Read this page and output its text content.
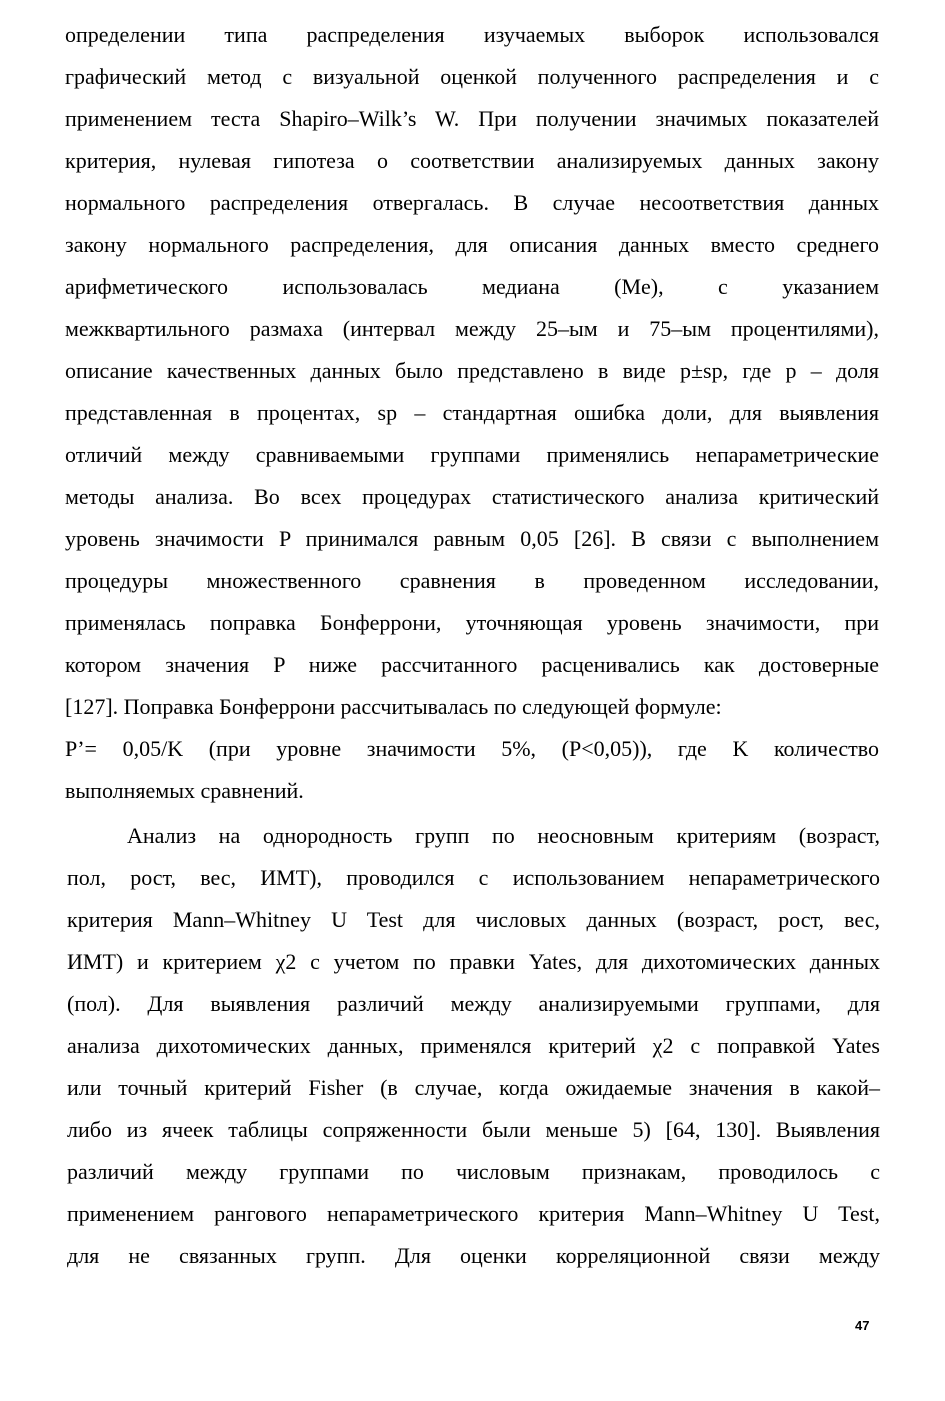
определении типа распределения изучаемых выборок использовался
графический метод с визуальной оценкой полученного распределения и с
применением теста Shapiro–Wilk’s W. При получении значимых показателей
критерия, нулевая гипотеза о соответствии анализируемых данных закону
нормального распределения отвергалась. В случае несоответствия данных
закону нормального распределения, для описания данных вместо среднего
арифметического использовалась медиана (Me), с указанием
межквартильного размаха (интервал между 25–ым и 75–ым процентилями),
описание качественных данных было представлено в виде p±sp, где p – доля
представленная в процентах, sp – стандартная ошибка доли, для выявления
отличий между сравниваемыми группами применялись непараметрические
методы анализа. Во всех процедурах статистического анализа критический
уровень значимости P принимался равным 0,05 [26]. В связи с выполнением
процедуры множественного сравнения в проведенном исследовании,
применялась поправка Бонферрони, уточняющая уровень значимости, при
котором значения P ниже рассчитанного расценивались как достоверные
[127]. Поправка Бонферрони рассчитывалась по следующей формуле:
P’= 0,05/K (при уровне значимости 5%, (P<0,05)), где K количество
выполняемых сравнений.
Анализ на однородность групп по неосновным критериям (возраст,
пол, рост, вес, ИМТ), проводился с использованием непараметрического
критерия Mann–Whitney U Test для числовых данных (возраст, рост, вес,
ИМТ) и критерием χ2 с учетом по правки Yates, для дихотомических данных
(пол). Для выявления различий между анализируемыми группами, для
анализа дихотомических данных, применялся критерий χ2 с поправкой Yates
или точный критерий Fisher (в случае, когда ожидаемые значения в какой–
либо из ячеек таблицы сопряженности были меньше 5) [64, 130]. Выявления
различий между группами по числовым признакам, проводилось с
применением рангового непараметрического критерия Mann–Whitney U Test,
для не связанных групп. Для оценки корреляционной связи между
47
